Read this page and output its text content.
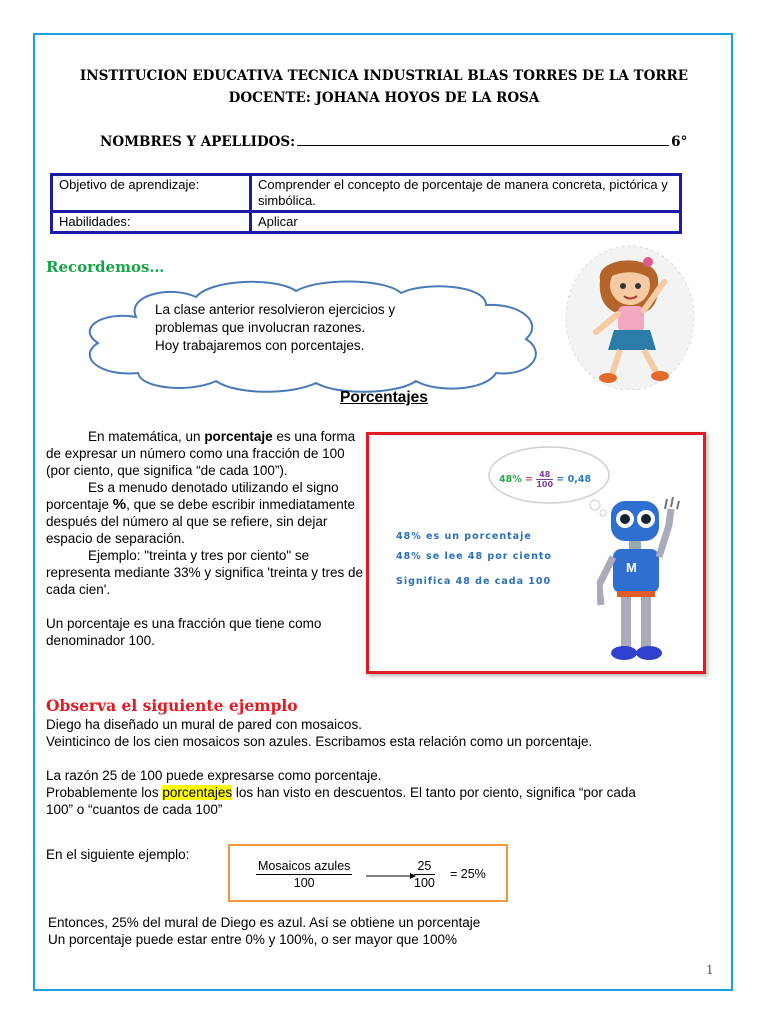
INSTITUCION EDUCATIVA TECNICA INDUSTRIAL BLAS TORRES DE LA TORRE
DOCENTE: JOHANA HOYOS DE LA ROSA
NOMBRES Y APELLIDOS:	6°
Objetivo de aprendizaje:	Comprender el concepto de porcentaje de manera concreta, pictórica y simbólica.
Habilidades:	Aplicar
Recordemos…
La clase anterior resolvieron ejercicios y
problemas que involucran razones.
Hoy trabajaremos con porcentajes.
Porcentajes

En matemática, un porcentaje es una forma de expresar un número como una fracción de 100 (por ciento, que significa “de cada 100”).

Es a menudo denotado utilizando el signo porcentaje %, que se debe escribir inmediatamente después del número al que se refiere, sin dejar espacio de separación.

Ejemplo: "treinta y tres por ciento" se representa mediante 33% y significa 'treinta y tres de cada cien'.

Un porcentaje es una fracción que tiene como denominador 100.

$48\% = \frac{48}{100} = 0,48$
48% es un porcentaje
48% se lee 48 por ciento
Significa 48 de cada 100
M
Observa el siguiente ejemplo

Diego ha diseñado un mural de pared con mosaicos.

Veinticinco de los cien mosaicos son azules. Escribamos esta relación como un porcentaje.

La razón 25 de 100 puede expresarse como porcentaje.

Probablemente los porcentajes los han visto en descuentos. El tanto por ciento, significa “por cada

100” o “cuantos de cada 100”

En el siguiente ejemplo:
Mosaicos azules
100	$\frac{25}{100} = 25\%$

Entonces, 25% del mural de Diego es azul. Así se obtiene un porcentaje

Un porcentaje puede estar entre 0% y 100%, o ser mayor que 100%

1
